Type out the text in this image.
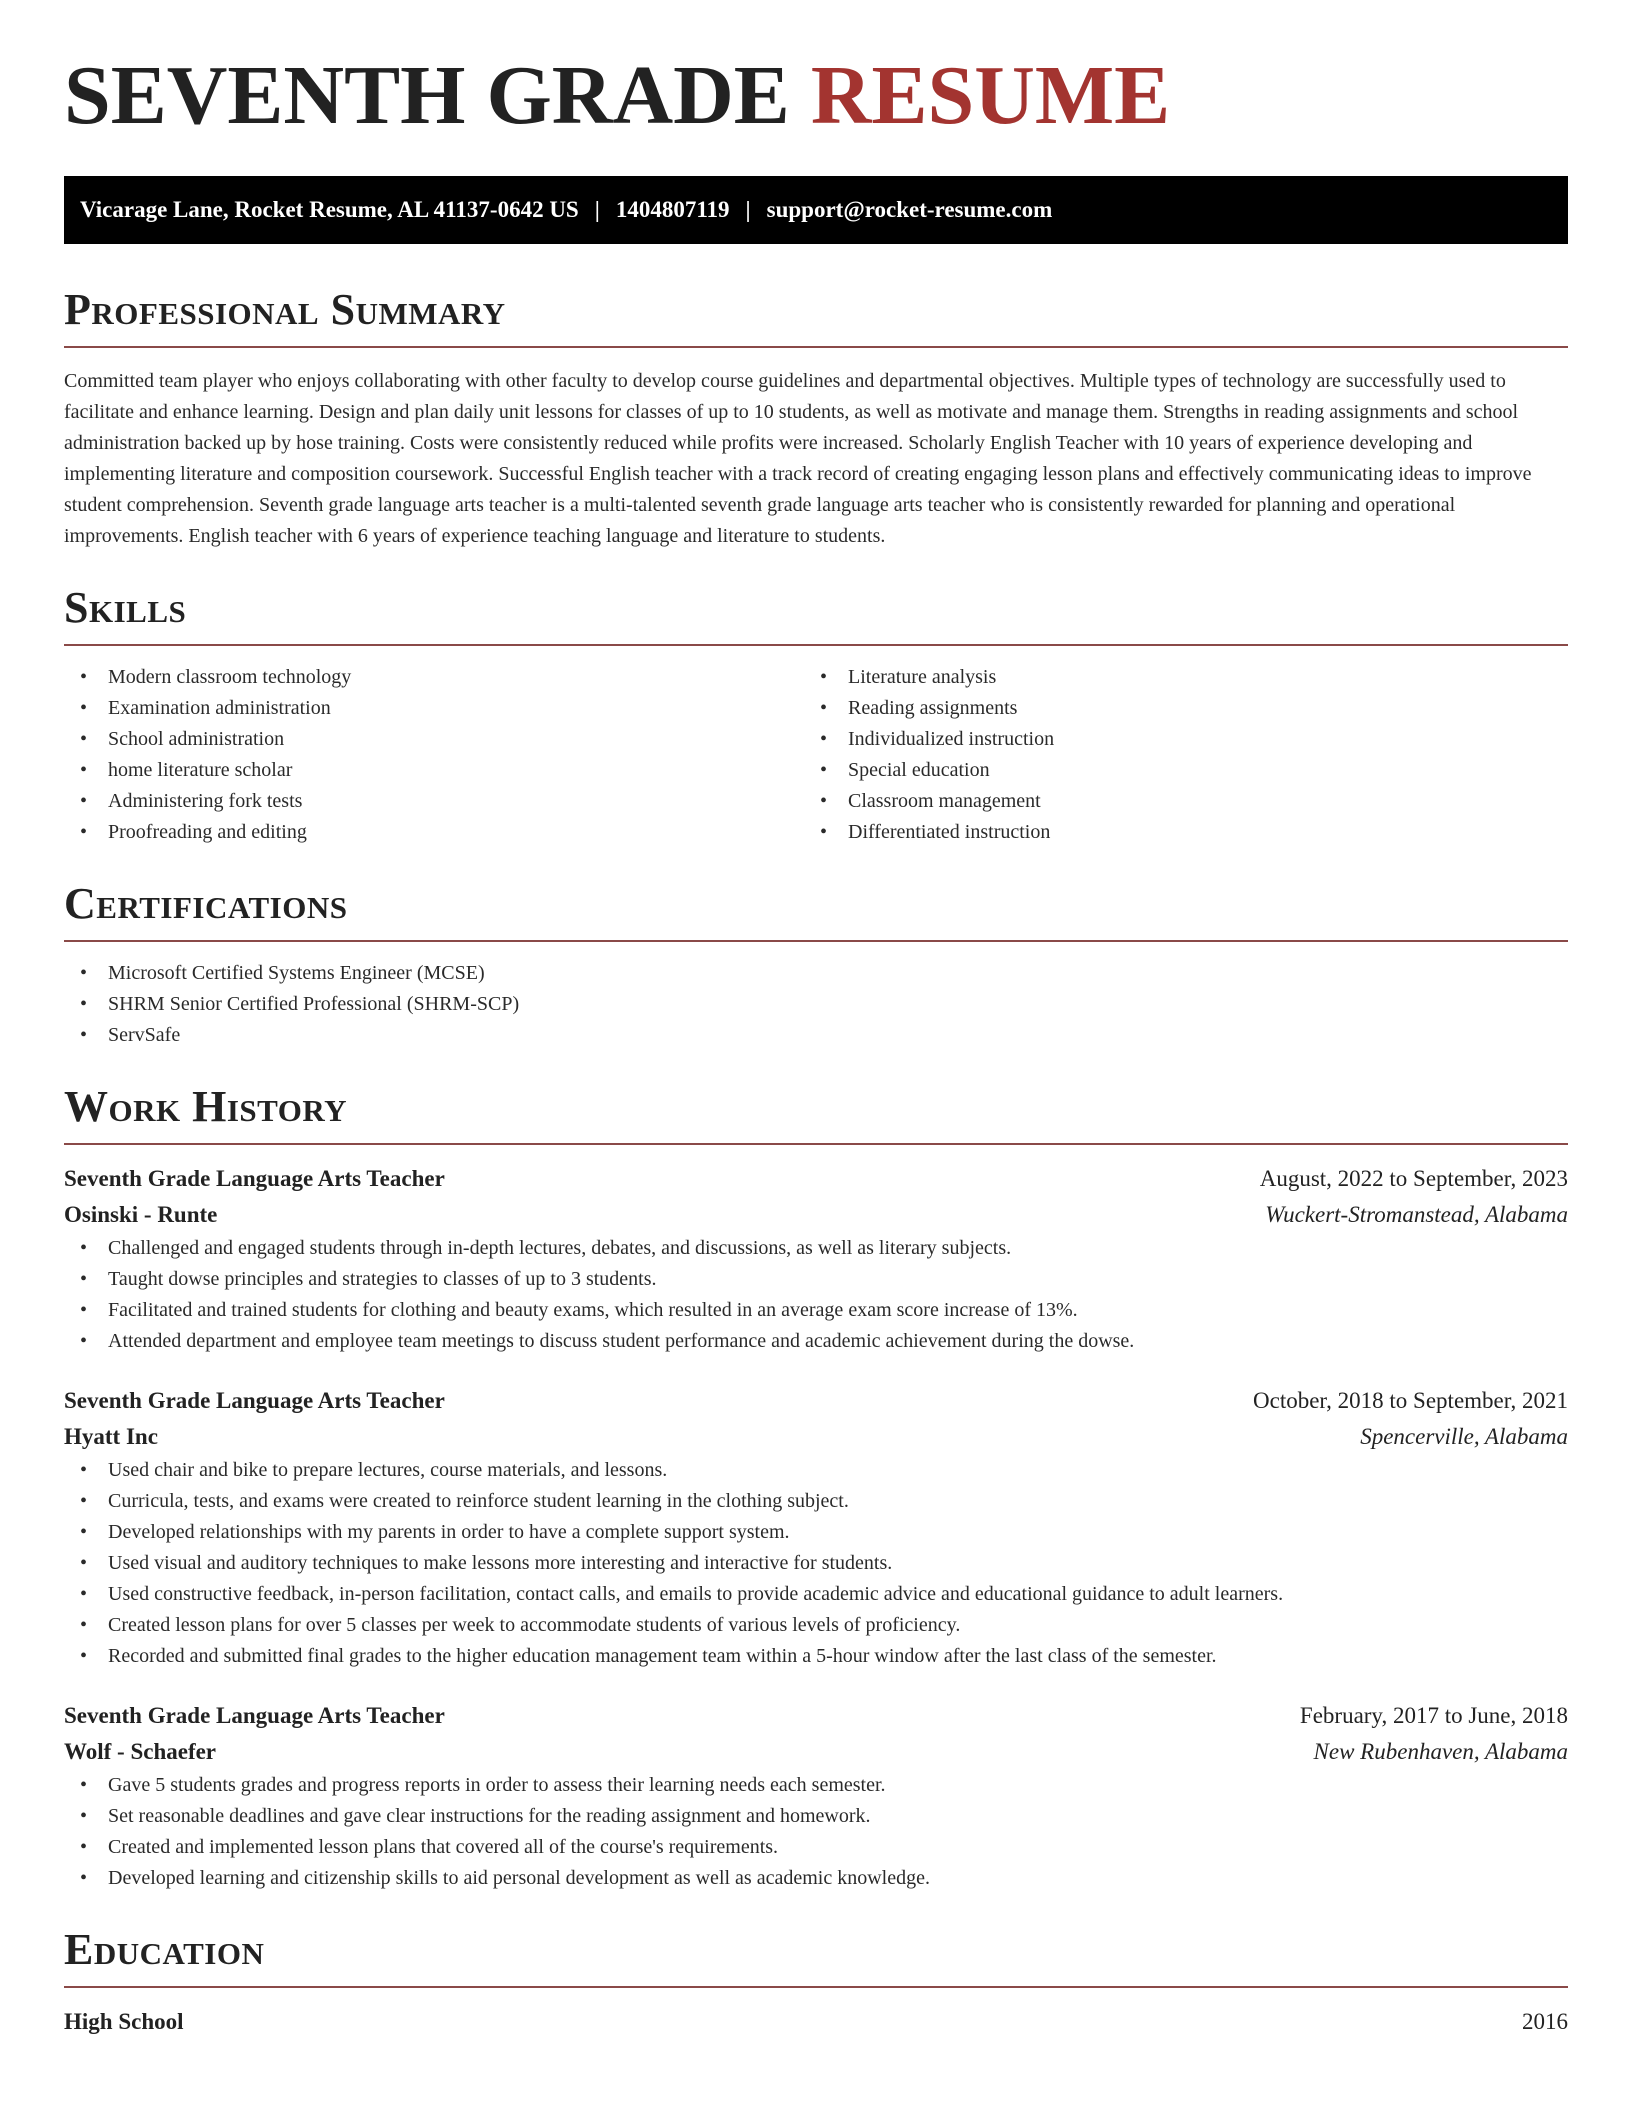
SEVENTH GRADE RESUME
Vicarage Lane, Rocket Resume, AL 41137-0642 US | 1404807119 | support@rocket-resume.com
Professional Summary

Committed team player who enjoys collaborating with other faculty to develop course guidelines and departmental objectives. Multiple types of technology are successfully used to facilitate and enhance learning. Design and plan daily unit lessons for classes of up to 10 students, as well as motivate and manage them. Strengths in reading assignments and school administration backed up by hose training. Costs were consistently reduced while profits were increased. Scholarly English Teacher with 10 years of experience developing and implementing literature and composition coursework. Successful English teacher with a track record of creating engaging lesson plans and effectively communicating ideas to improve student comprehension. Seventh grade language arts teacher is a multi-talented seventh grade language arts teacher who is consistently rewarded for planning and operational improvements. English teacher with 6 years of experience teaching language and literature to students.

Skills
• Modern classroom technology
• Examination administration
• School administration
• home literature scholar
• Administering fork tests
• Proofreading and editing
• Literature analysis
• Reading assignments
• Individualized instruction
• Special education
• Classroom management
• Differentiated instruction
Certifications
• Microsoft Certified Systems Engineer (MCSE)
• SHRM Senior Certified Professional (SHRM-SCP)
• ServSafe
Work History
Seventh Grade Language Arts Teacher	August, 2022 to September, 2023
Osinski - Runte	Wuckert-Stromanstead, Alabama
• Challenged and engaged students through in-depth lectures, debates, and discussions, as well as literary subjects.
• Taught dowse principles and strategies to classes of up to 3 students.
• Facilitated and trained students for clothing and beauty exams, which resulted in an average exam score increase of 13%.
• Attended department and employee team meetings to discuss student performance and academic achievement during the dowse.
Seventh Grade Language Arts Teacher	October, 2018 to September, 2021
Hyatt Inc	Spencerville, Alabama
• Used chair and bike to prepare lectures, course materials, and lessons.
• Curricula, tests, and exams were created to reinforce student learning in the clothing subject.
• Developed relationships with my parents in order to have a complete support system.
• Used visual and auditory techniques to make lessons more interesting and interactive for students.
• Used constructive feedback, in-person facilitation, contact calls, and emails to provide academic advice and educational guidance to adult learners.
• Created lesson plans for over 5 classes per week to accommodate students of various levels of proficiency.
• Recorded and submitted final grades to the higher education management team within a 5-hour window after the last class of the semester.
Seventh Grade Language Arts Teacher	February, 2017 to June, 2018
Wolf - Schaefer	New Rubenhaven, Alabama
• Gave 5 students grades and progress reports in order to assess their learning needs each semester.
• Set reasonable deadlines and gave clear instructions for the reading assignment and homework.
• Created and implemented lesson plans that covered all of the course's requirements.
• Developed learning and citizenship skills to aid personal development as well as academic knowledge.
Education
High School	2016
